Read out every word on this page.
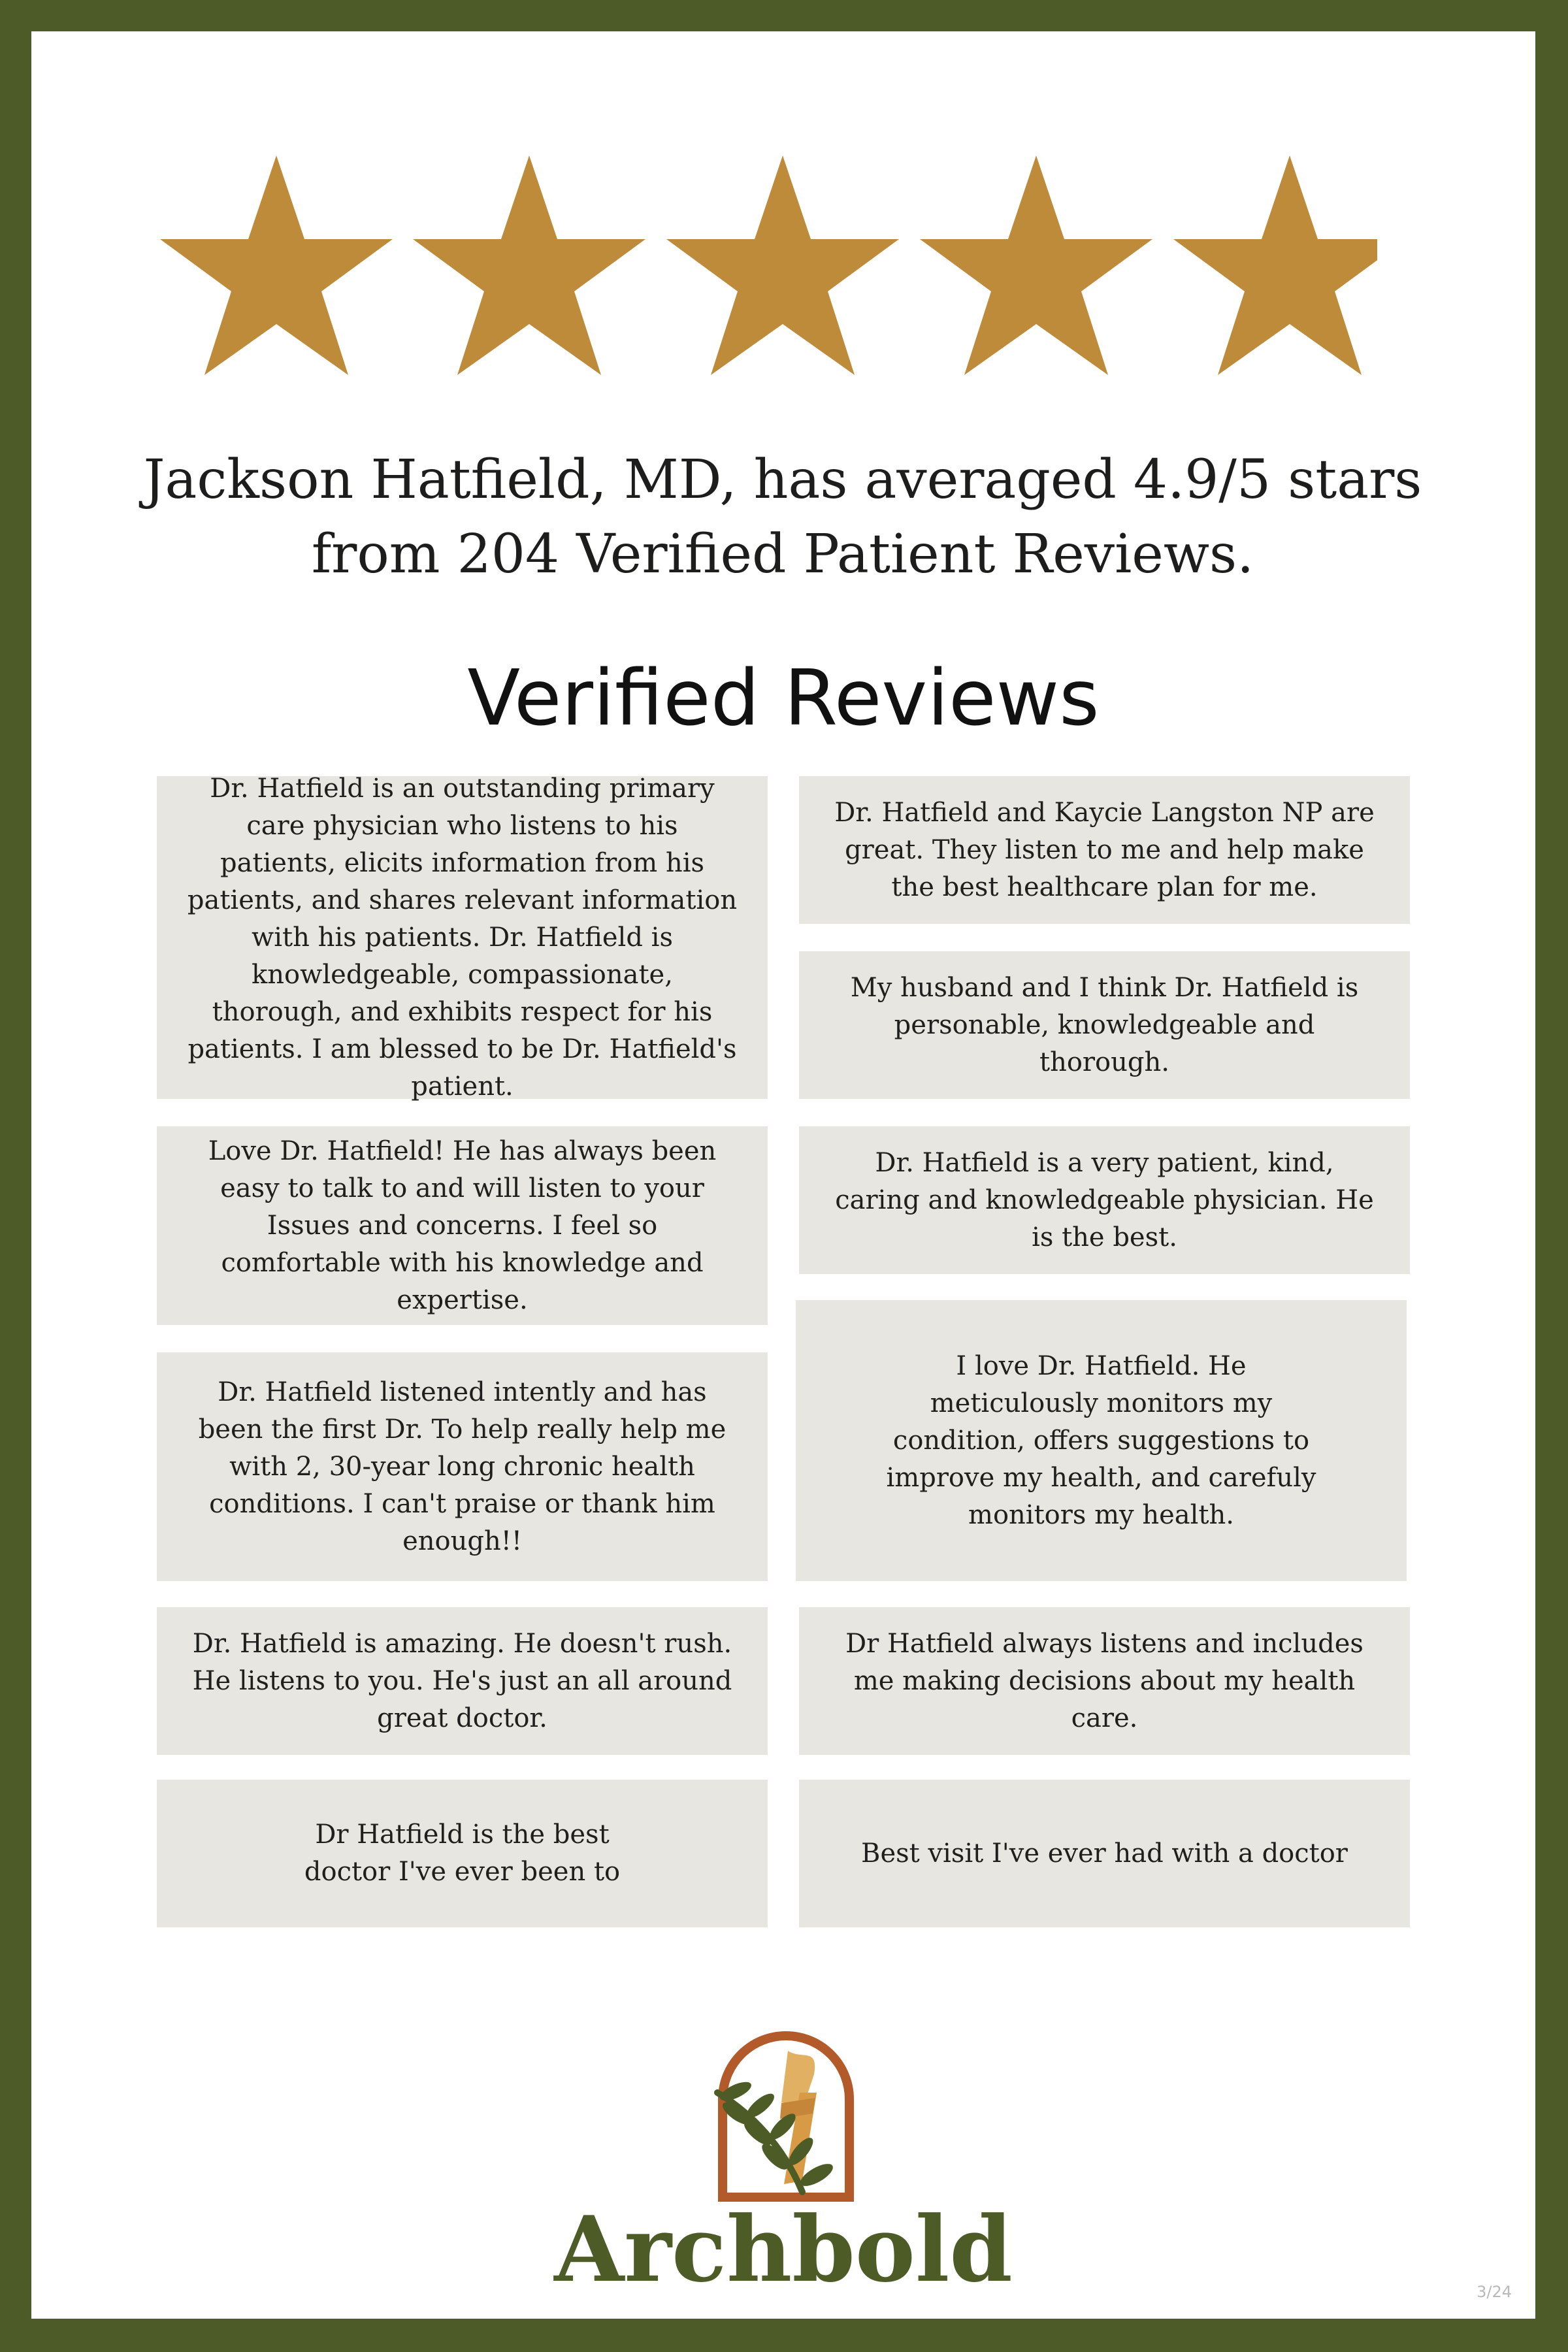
Jackson Hatfield, MD, has averaged 4.9/5 stars
from 204 Verified Patient Reviews.
Verified Reviews

Dr. Hatfield is an outstanding primary care physician who listens to his patients, elicits information from his patients, and shares relevant information with his patients. Dr. Hatfield is knowledgeable, compassionate, thorough, and exhibits respect for his patients. I am blessed to be Dr. Hatfield's patient.

Love Dr. Hatfield! He has always been easy to talk to and will listen to your Issues and concerns. I feel so comfortable with his knowledge and expertise.

Dr. Hatfield listened intently and has been the first Dr. To help really help me with 2, 30-year long chronic health conditions. I can't praise or thank him enough!!

Dr. Hatfield is amazing. He doesn't rush. He listens to you. He's just an all around great doctor.

Dr Hatfield is the best doctor I've ever been to

Dr. Hatfield and Kaycie Langston NP are great. They listen to me and help make the best healthcare plan for me.

My husband and I think Dr. Hatfield is personable, knowledgeable and thorough.

Dr. Hatfield is a very patient, kind, caring and knowledgeable physician. He is the best.

I love Dr. Hatfield. He meticulously monitors my condition, offers suggestions to improve my health, and carefuly monitors my health.

Dr Hatfield always listens and includes me making decisions about my health care.

Best visit I've ever had with a doctor

Archbold	3/24
